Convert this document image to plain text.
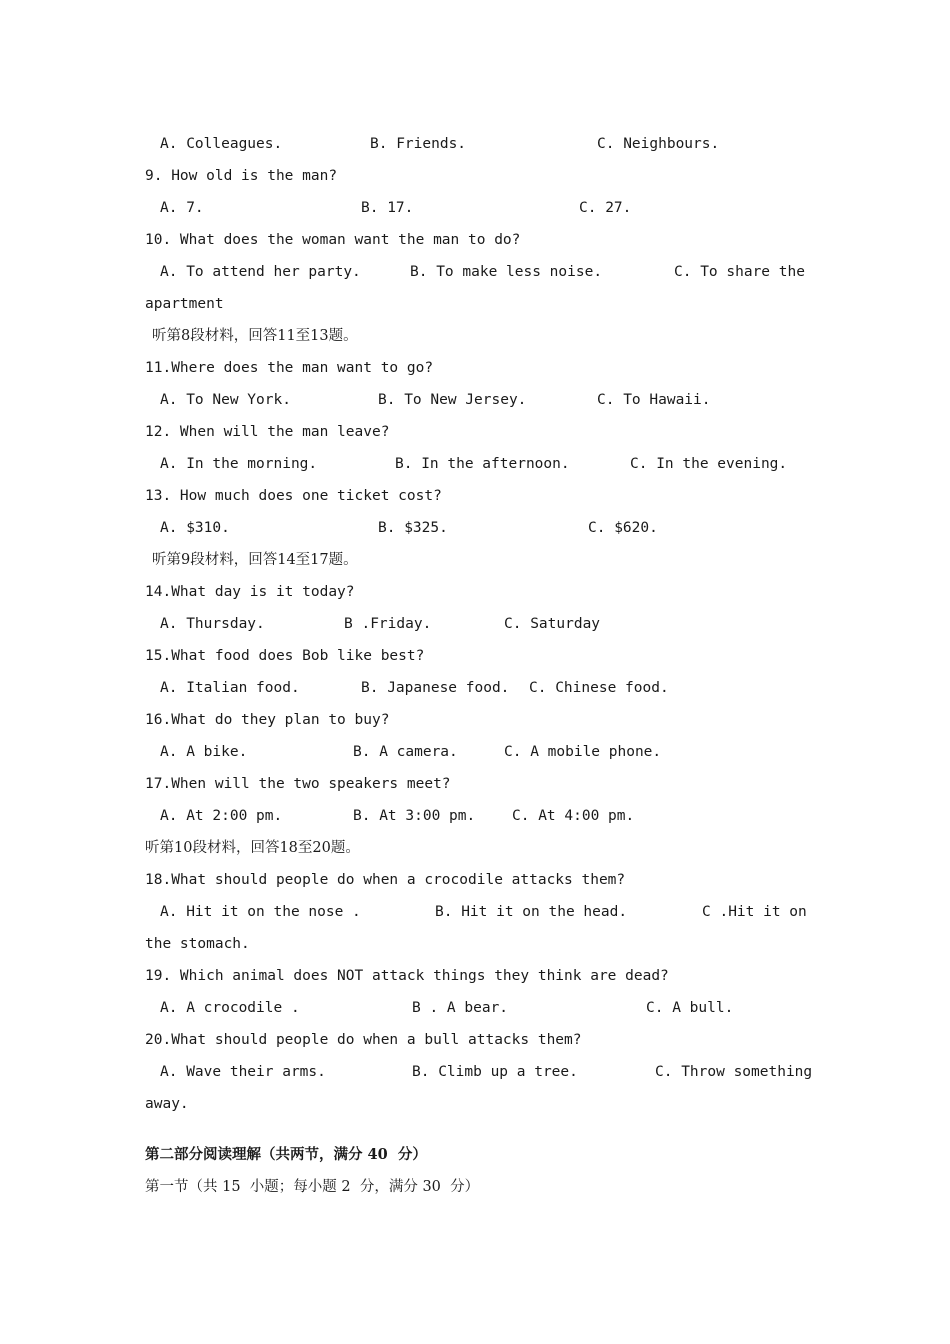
A. Colleagues.

	B. Friends.

	C. Neighbours.

9. How old is the man?

A. 7.

	B. 17.

	C. 27.

10. What does the woman want the man to do?

A. To attend her party.

	B. To make less noise.

	C. To share the

apartment
听第8段材料，回答11至13题。
11.Where does the man want to go?

A. To New York.

	B. To New Jersey.

	C. To Hawaii.

12. When will the man leave?

A. In the morning.

	B. In the afternoon.

	C. In the evening.

13. How much does one ticket cost?

A. $310.

	B. $325.

	C. $620.

听第9段材料，回答14至17题。
14.What day is it today?

A. Thursday.

	B .Friday.

	C. Saturday

15.What food does Bob like best?

A. Italian food.

	B. Japanese food.

C. Chinese food.

16.What do they plan to buy?

A. A bike.

	B. A camera.

	C. A mobile phone.

17.When will the two speakers meet?

A. At 2:00 pm.

	B. At 3:00 pm.

	C. At 4:00 pm.

听第10段材料，回答18至20题。
18.What should people do when a crocodile attacks them?

A. Hit it on the nose .

	B. Hit it on the head.

	C .Hit it on

the stomach.
19. Which animal does NOT attack things they think are dead?

A. A crocodile .

	B . A bear.

	C. A bull.

20.What should people do when a bull attacks them?

A. Wave their arms.

	B. Climb up a tree.

	C. Throw something

away.
第二部分阅读理解（共两节，满分 40  分）
第一节（共 15  小题；每小题 2  分，满分 30  分）
